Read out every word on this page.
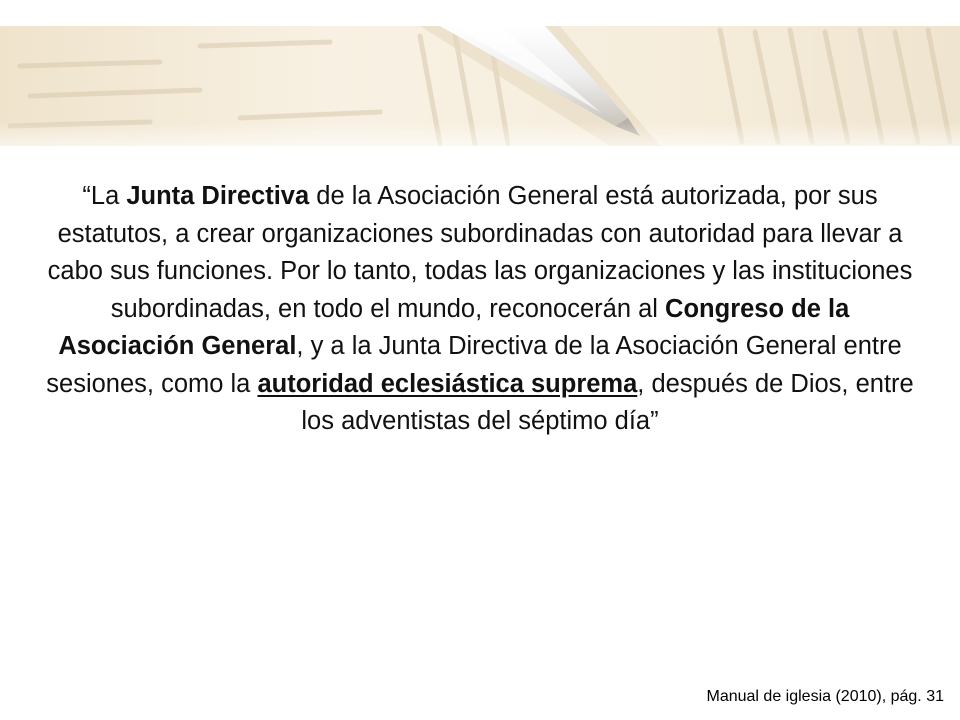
“La Junta Directiva de la Asociación General está autorizada, por sus estatutos, a crear organizaciones subordinadas con autoridad para llevar a cabo sus funciones. Por lo tanto, todas las organizaciones y las instituciones subordinadas, en todo el mundo, reconocerán al Congreso de la Asociación General, y a la Junta Directiva de la Asociación General entre sesiones, como la autoridad eclesiástica suprema, después de Dios, entre los adventistas del séptimo día”
Manual de iglesia (2010), pág. 31
